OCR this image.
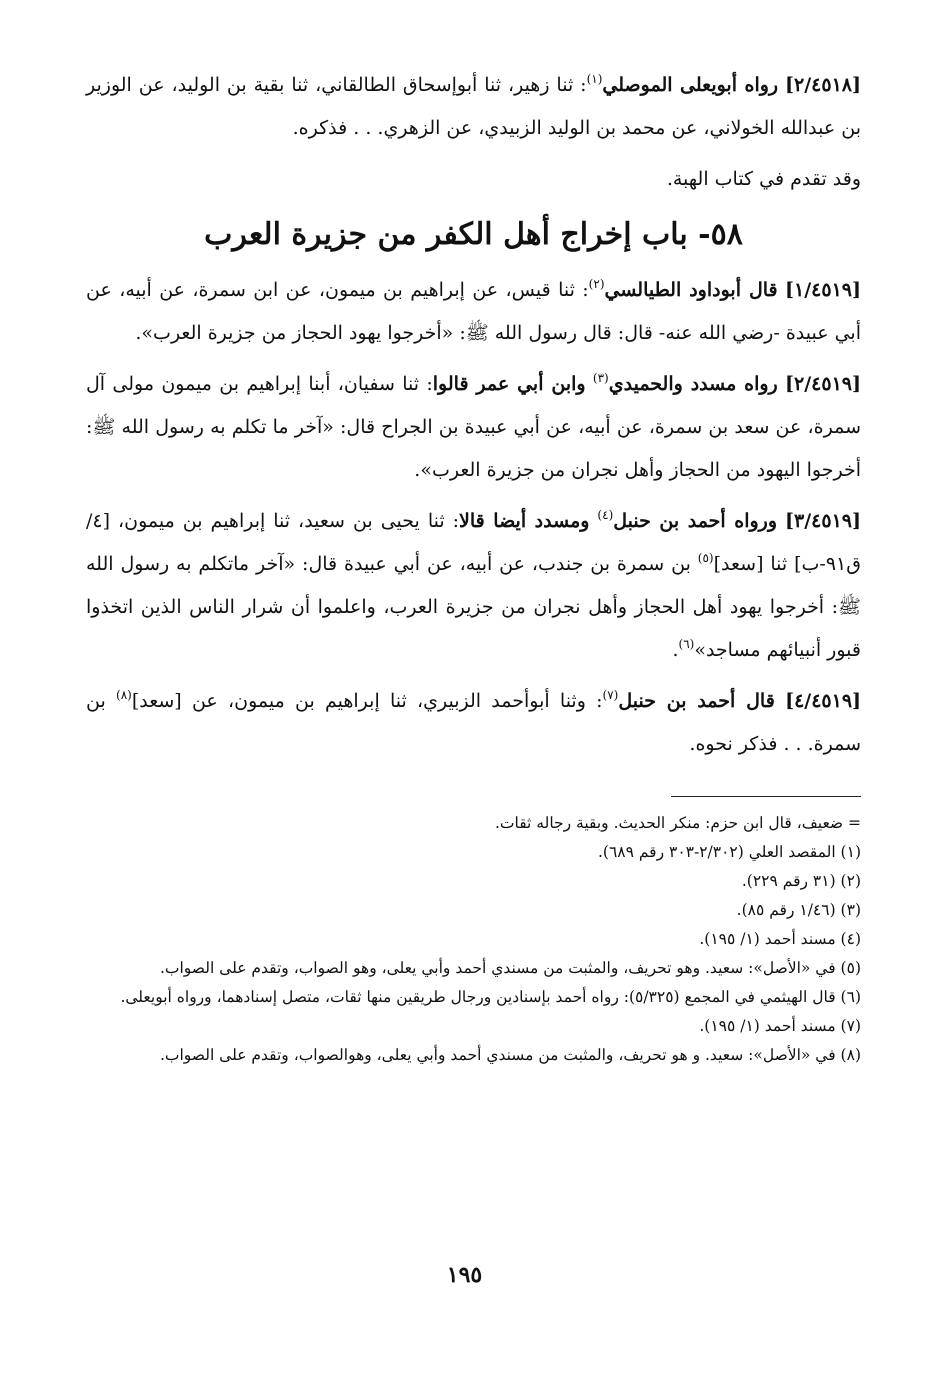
[٢/٤٥١٨] رواه أبويعلى الموصلي$^{(١)}$: ثنا زهير، ثنا أبوإسحاق الطالقاني، ثنا بقية بن الوليد، عن الوزير بن عبدالله الخولاني، عن محمد بن الوليد الزبيدي، عن الزهري. . . فذكره.

وقد تقدم في كتاب الهبة.

٥٨- باب إخراج أهل الكفر من جزيرة العرب

[١/٤٥١٩] قال أبوداود الطيالسي$^{(٢)}$: ثنا قيس، عن إبراهيم بن ميمون، عن ابن سمرة، عن أبيه، عن أبي عبيدة -رضي الله عنه- قال: قال رسول الله ﷺ: «أخرجوا يهود الحجاز من جزيرة العرب».

[٢/٤٥١٩] رواه مسدد والحميدي$^{(٣)}$ وابن أبي عمر قالوا: ثنا سفيان، أبنا إبراهيم بن ميمون مولى آل سمرة، عن سعد بن سمرة، عن أبيه، عن أبي عبيدة بن الجراح قال: «آخر ما تكلم به رسول الله ﷺ: أخرجوا اليهود من الحجاز وأهل نجران من جزيرة العرب».

[٣/٤٥١٩] ورواه أحمد بن حنبل$^{(٤)}$ ومسدد أيضا قالا: ثنا يحيى بن سعيد، ثنا إبراهيم بن ميمون، [٤/ق٩١-ب] ثنا [سعد]$^{(٥)}$ بن سمرة بن جندب، عن أبيه، عن أبي عبيدة قال: «آخر ماتكلم به رسول الله ﷺ: أخرجوا يهود أهل الحجاز وأهل نجران من جزيرة العرب، واعلموا أن شرار الناس الذين اتخذوا قبور أنبيائهم مساجد»$^{(٦)}$.

[٤/٤٥١٩] قال أحمد بن حنبل$^{(٧)}$: وثنا أبوأحمد الزبيري، ثنا إبراهيم بن ميمون، عن [سعد]$^{(٨)}$ بن سمرة. . . فذكر نحوه.

= ضعيف، قال ابن حزم: منكر الحديث. وبقية رجاله ثقات.
(١) المقصد العلي (٢/٣٠٢-٣٠٣ رقم ٦٨٩).
(٢) (٣١ رقم ٢٢٩).
(٣) (١/٤٦ رقم ٨٥).
(٤) مسند أحمد (١/ ١٩٥).
(٥) في «الأصل»: سعيد. وهو تحريف، والمثبت من مسندي أحمد وأبي يعلى، وهو الصواب، وتقدم على الصواب.
(٦) قال الهيثمي في المجمع (٥/٣٢٥): رواه أحمد بإسنادين ورجال طريقين منها ثقات، متصل إسنادهما، ورواه أبويعلى.
(٧) مسند أحمد (١/ ١٩٥).
(٨) في «الأصل»: سعيد. و هو تحريف، والمثبت من مسندي أحمد وأبي يعلى، وهوالصواب، وتقدم على الصواب.
١٩٥
